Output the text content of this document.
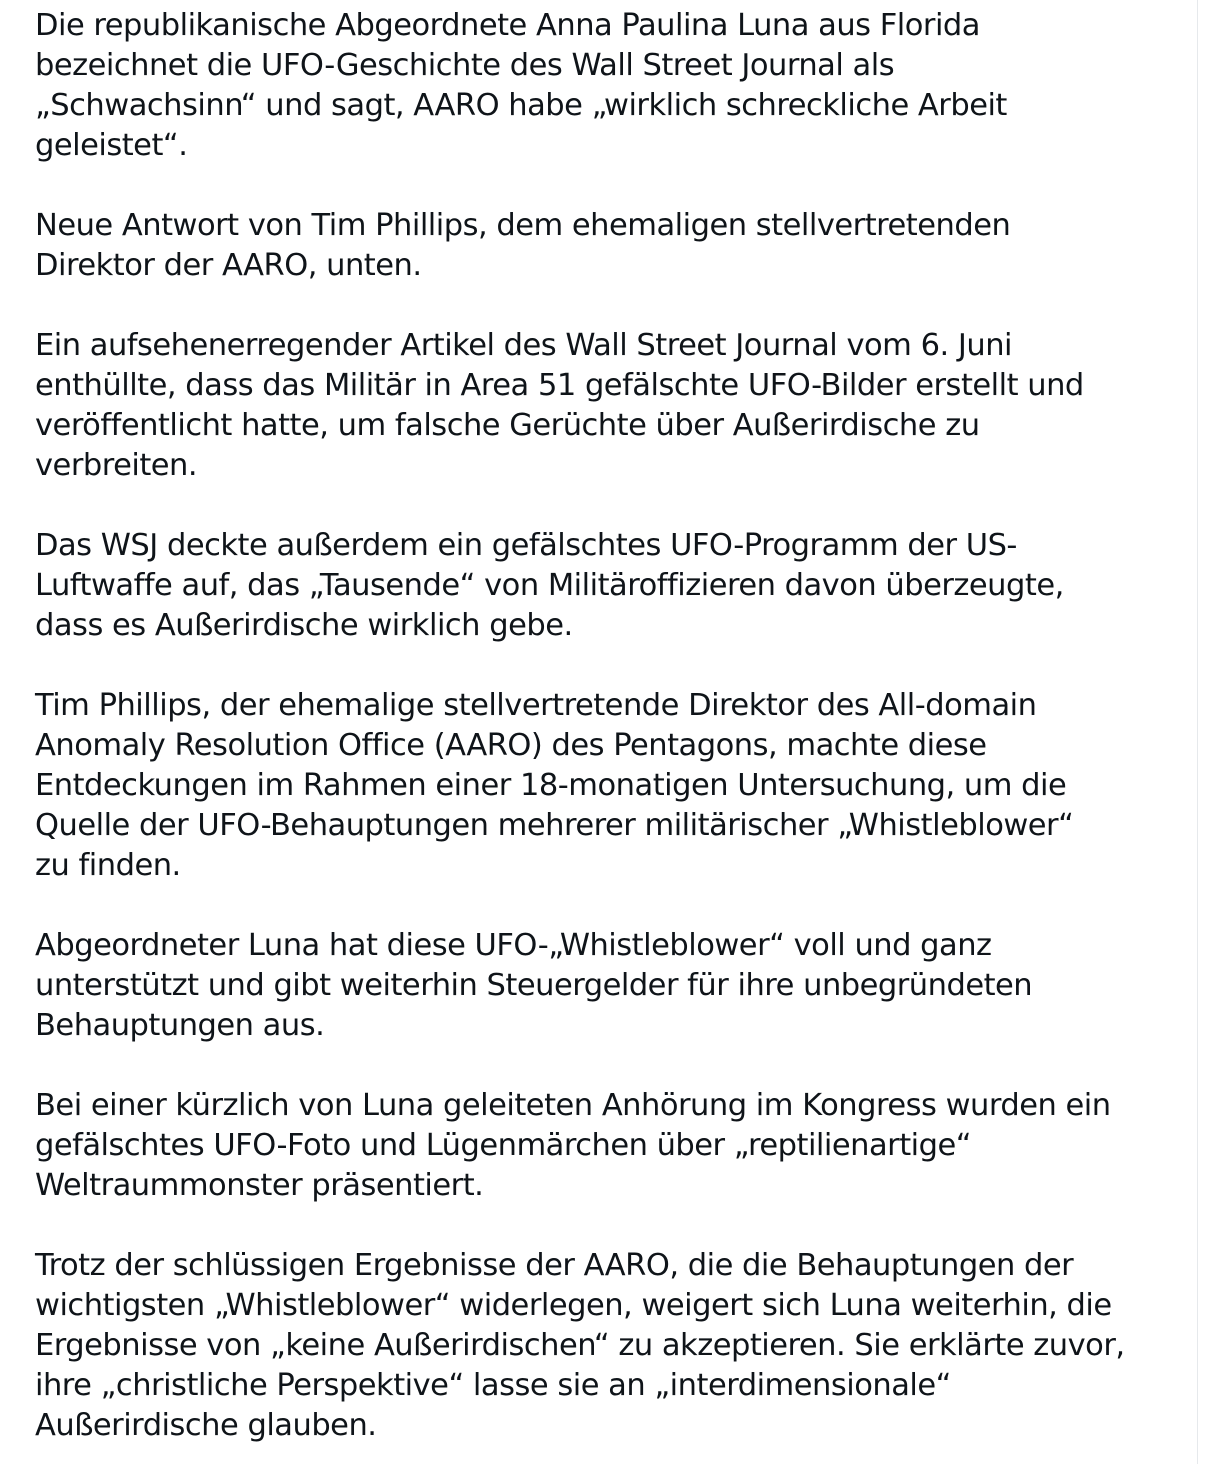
Die republikanische Abgeordnete Anna Paulina Luna aus Florida
bezeichnet die UFO-Geschichte des Wall Street Journal als
„Schwachsinn“ und sagt, AARO habe „wirklich schreckliche Arbeit
geleistet“.

Neue Antwort von Tim Phillips, dem ehemaligen stellvertretenden
Direktor der AARO, unten.

Ein aufsehenerregender Artikel des Wall Street Journal vom 6. Juni
enthüllte, dass das Militär in Area 51 gefälschte UFO-Bilder erstellt und
veröffentlicht hatte, um falsche Gerüchte über Außerirdische zu
verbreiten.

Das WSJ deckte außerdem ein gefälschtes UFO-Programm der US-
Luftwaffe auf, das „Tausende“ von Militäroffizieren davon überzeugte,
dass es Außerirdische wirklich gebe.

Tim Phillips, der ehemalige stellvertretende Direktor des All-domain
Anomaly Resolution Office (AARO) des Pentagons, machte diese
Entdeckungen im Rahmen einer 18-monatigen Untersuchung, um die
Quelle der UFO-Behauptungen mehrerer militärischer „Whistleblower“
zu finden.

Abgeordneter Luna hat diese UFO-„Whistleblower“ voll und ganz
unterstützt und gibt weiterhin Steuergelder für ihre unbegründeten
Behauptungen aus.

Bei einer kürzlich von Luna geleiteten Anhörung im Kongress wurden ein
gefälschtes UFO-Foto und Lügenmärchen über „reptilienartige“
Weltraummonster präsentiert.

Trotz der schlüssigen Ergebnisse der AARO, die die Behauptungen der
wichtigsten „Whistleblower“ widerlegen, weigert sich Luna weiterhin, die
Ergebnisse von „keine Außerirdischen“ zu akzeptieren. Sie erklärte zuvor,
ihre „christliche Perspektive“ lasse sie an „interdimensionale“
Außerirdische glauben.
